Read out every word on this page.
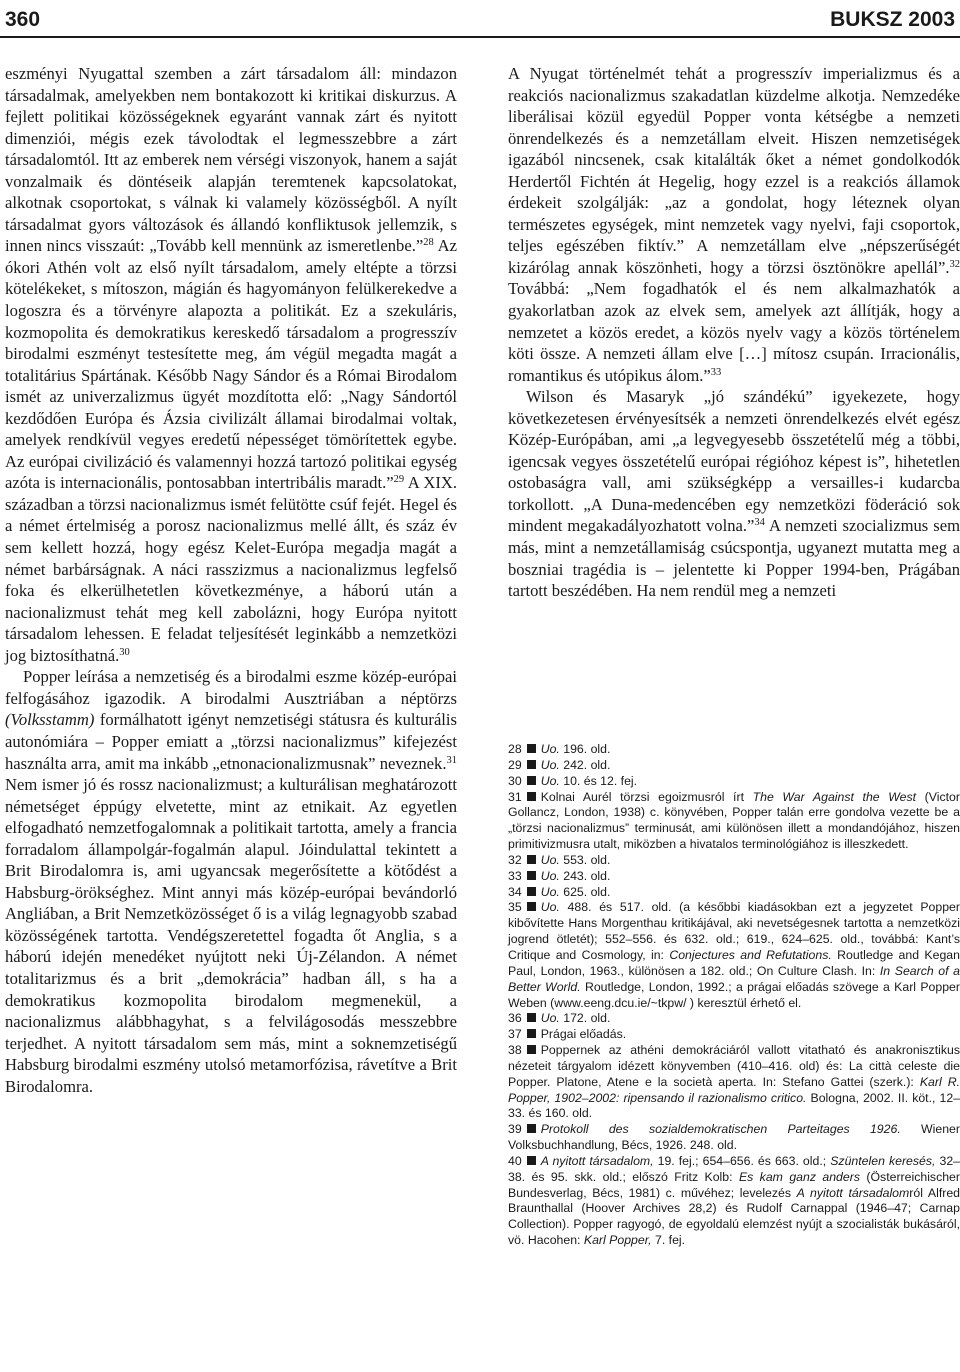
360	BUKSZ 2003

eszményi Nyugattal szemben a zárt társadalom áll: mindazon társadalmak, amelyekben nem bontakozott ki kritikai diskurzus. A fejlett politikai közösségeknek egyaránt vannak zárt és nyitott dimenziói, mégis ezek távolodtak el legmesszebbre a zárt társadalomtól. Itt az emberek nem vérségi viszonyok, hanem a saját vonzalmaik és döntéseik alapján teremtenek kapcsolatokat, alkotnak csoportokat, s válnak ki valamely közösségből. A nyílt társadalmat gyors változások és állandó konfliktusok jellemzik, s innen nincs visszaút: „Tovább kell mennünk az ismeretlenbe.”$^{28}$ Az ókori Athén volt az első nyílt társadalom, amely eltépte a törzsi kötelékeket, s mítoszon, mágián és hagyományon felülkerekedve a logoszra és a törvényre alapozta a politikát. Ez a szekuláris, kozmopolita és demokratikus kereskedő társadalom a progresszív birodalmi eszményt testesítette meg, ám végül megadta magát a totalitárius Spártának. Később Nagy Sándor és a Római Birodalom ismét az univerzalizmus ügyét mozdította elő: „Nagy Sándortól kezdődően Európa és Ázsia civilizált államai birodalmai voltak, amelyek rendkívül vegyes eredetű népességet tömörítettek egybe. Az európai civilizáció és valamennyi hozzá tartozó politikai egység azóta is internacionális, pontosabban intertribális maradt.”$^{29}$ A XIX. században a törzsi nacionalizmus ismét felütötte csúf fejét. Hegel és a német értelmiség a porosz nacionalizmus mellé állt, és száz év sem kellett hozzá, hogy egész Kelet-Európa megadja magát a német barbárságnak. A náci rasszizmus a nacionalizmus legfelső foka és elkerülhetetlen következménye, a háború után a nacionalizmust tehát meg kell zabolázni, hogy Európa nyitott társadalom lehessen. E feladat teljesítését leginkább a nemzetközi jog biztosíthatná.$^{30}$

Popper leírása a nemzetiség és a birodalmi eszme közép-európai felfogásához igazodik. A birodalmi Ausztriában a néptörzs (Volksstamm) formálhatott igényt nemzetiségi státusra és kulturális autonómiára – Popper emiatt a „törzsi nacionalizmus” kifejezést használta arra, amit ma inkább „etnonacionalizmusnak” neveznek.$^{31}$ Nem ismer jó és rossz nacionalizmust; a kulturálisan meghatározott németséget éppúgy elvetette, mint az etnikait. Az egyetlen elfogadható nemzetfogalomnak a politikait tartotta, amely a francia forradalom állampolgár-fogalmán alapul. Jóindulattal tekintett a Brit Birodalomra is, ami ugyancsak megerősítette a kötődést a Habsburg-örökséghez. Mint annyi más közép-európai bevándorló Angliában, a Brit Nemzetközösséget ő is a világ legnagyobb szabad közösségének tartotta. Vendégszeretettel fogadta őt Anglia, s a háború idején menedéket nyújtott neki Új-Zélandon. A német totalitarizmus és a brit „demokrácia” hadban áll, s ha a demokratikus kozmopolita birodalom megmenekül, a nacionalizmus alábbhagyhat, s a felvilágosodás messzebbre terjedhet. A nyitott társadalom sem más, mint a soknemzetiségű Habsburg birodalmi eszmény utolsó metamorfózisa, rávetítve a Brit Birodalomra.

A Nyugat történelmét tehát a progresszív imperializmus és a reakciós nacionalizmus szakadatlan küzdelme alkotja. Nemzedéke liberálisai közül egyedül Popper vonta kétségbe a nemzeti önrendelkezés és a nemzetállam elveit. Hiszen nemzetiségek igazából nincsenek, csak kitalálták őket a német gondolkodók Herdertől Fichtén át Hegelig, hogy ezzel is a reakciós államok érdekeit szolgálják: „az a gondolat, hogy léteznek olyan természetes egységek, mint nemzetek vagy nyelvi, faji csoportok, teljes egészében fiktív.” A nemzetállam elve „népszerűségét kizárólag annak köszönheti, hogy a törzsi ösztönökre apellál”.$^{32}$ Továbbá: „Nem fogadhatók el és nem alkalmazhatók a gyakorlatban azok az elvek sem, amelyek azt állítják, hogy a nemzetet a közös eredet, a közös nyelv vagy a közös történelem köti össze. A nemzeti állam elve […] mítosz csupán. Irracionális, romantikus és utópikus álom.”$^{33}$

Wilson és Masaryk „jó szándékú” igyekezete, hogy következetesen érvényesítsék a nemzeti önrendelkezés elvét egész Közép-Európában, ami „a legvegyesebb összetételű még a többi, igencsak vegyes összetételű európai régióhoz képest is”, hihetetlen ostobaságra vall, ami szükségképp a versailles-i kudarcba torkollott. „A Duna-medencében egy nemzetközi föderáció sok mindent megakadályozhatott volna.”$^{34}$ A nemzeti szocializmus sem más, mint a nemzetállamiság csúcspontja, ugyanezt mutatta meg a boszniai tragédia is – jelentette ki Popper 1994-ben, Prágában tartott beszédében. Ha nem rendül meg a nemzeti

28 Uo. 196. old.

29 Uo. 242. old.

30 Uo. 10. és 12. fej.

31 Kolnai Aurél törzsi egoizmusról írt The War Against the West (Victor Gollancz, London, 1938) c. könyvében, Popper talán erre gondolva vezette be a „törzsi nacionalizmus” terminusát, ami különösen illett a mondandójához, hiszen primitivizmusra utalt, miközben a hivatalos terminológiához is illeszkedett.

32 Uo. 553. old.

33 Uo. 243. old.

34 Uo. 625. old.

35 Uo. 488. és 517. old. (a későbbi kiadásokban ezt a jegyzetet Popper kibővítette Hans Morgenthau kritikájával, aki nevetségesnek tartotta a nemzetközi jogrend ötletét); 552–556. és 632. old.; 619., 624–625. old., továbbá: Kant’s Critique and Cosmology, in: Conjectures and Refutations. Routledge and Kegan Paul, London, 1963., különösen a 182. old.; On Culture Clash. In: In Search of a Better World. Routledge, London, 1992.; a prágai előadás szövege a Karl Popper Weben (www.eeng.dcu.ie/~tkpw/ ) keresztül érhető el.

36 Uo. 172. old.

37 Prágai előadás.

38 Poppernek az athéni demokráciáról vallott vitatható és anakronisztikus nézeteit tárgyalom idézett könyvemben (410–416. old) és: La città celeste die Popper. Platone, Atene e la società aperta. In: Stefano Gattei (szerk.): Karl R. Popper, 1902–2002: ripensando il razionalismo critico. Bologna, 2002. II. köt., 12–33. és 160. old.

39 Protokoll des sozialdemokratischen Parteitages 1926. Wiener Volksbuchhandlung, Bécs, 1926. 248. old.

40 A nyitott társadalom, 19. fej.; 654–656. és 663. old.; Szüntelen keresés, 32–38. és 95. skk. old.; előszó Fritz Kolb: Es kam ganz anders (Österreichischer Bundesverlag, Bécs, 1981) c. művéhez; levelezés A nyitott társadalomról Alfred Braunthallal (Hoover Archives 28,2) és Rudolf Carnappal (1946–47; Carnap Collection). Popper ragyogó, de egyoldalú elemzést nyújt a szocialisták bukásáról, vö. Hacohen: Karl Popper, 7. fej.
